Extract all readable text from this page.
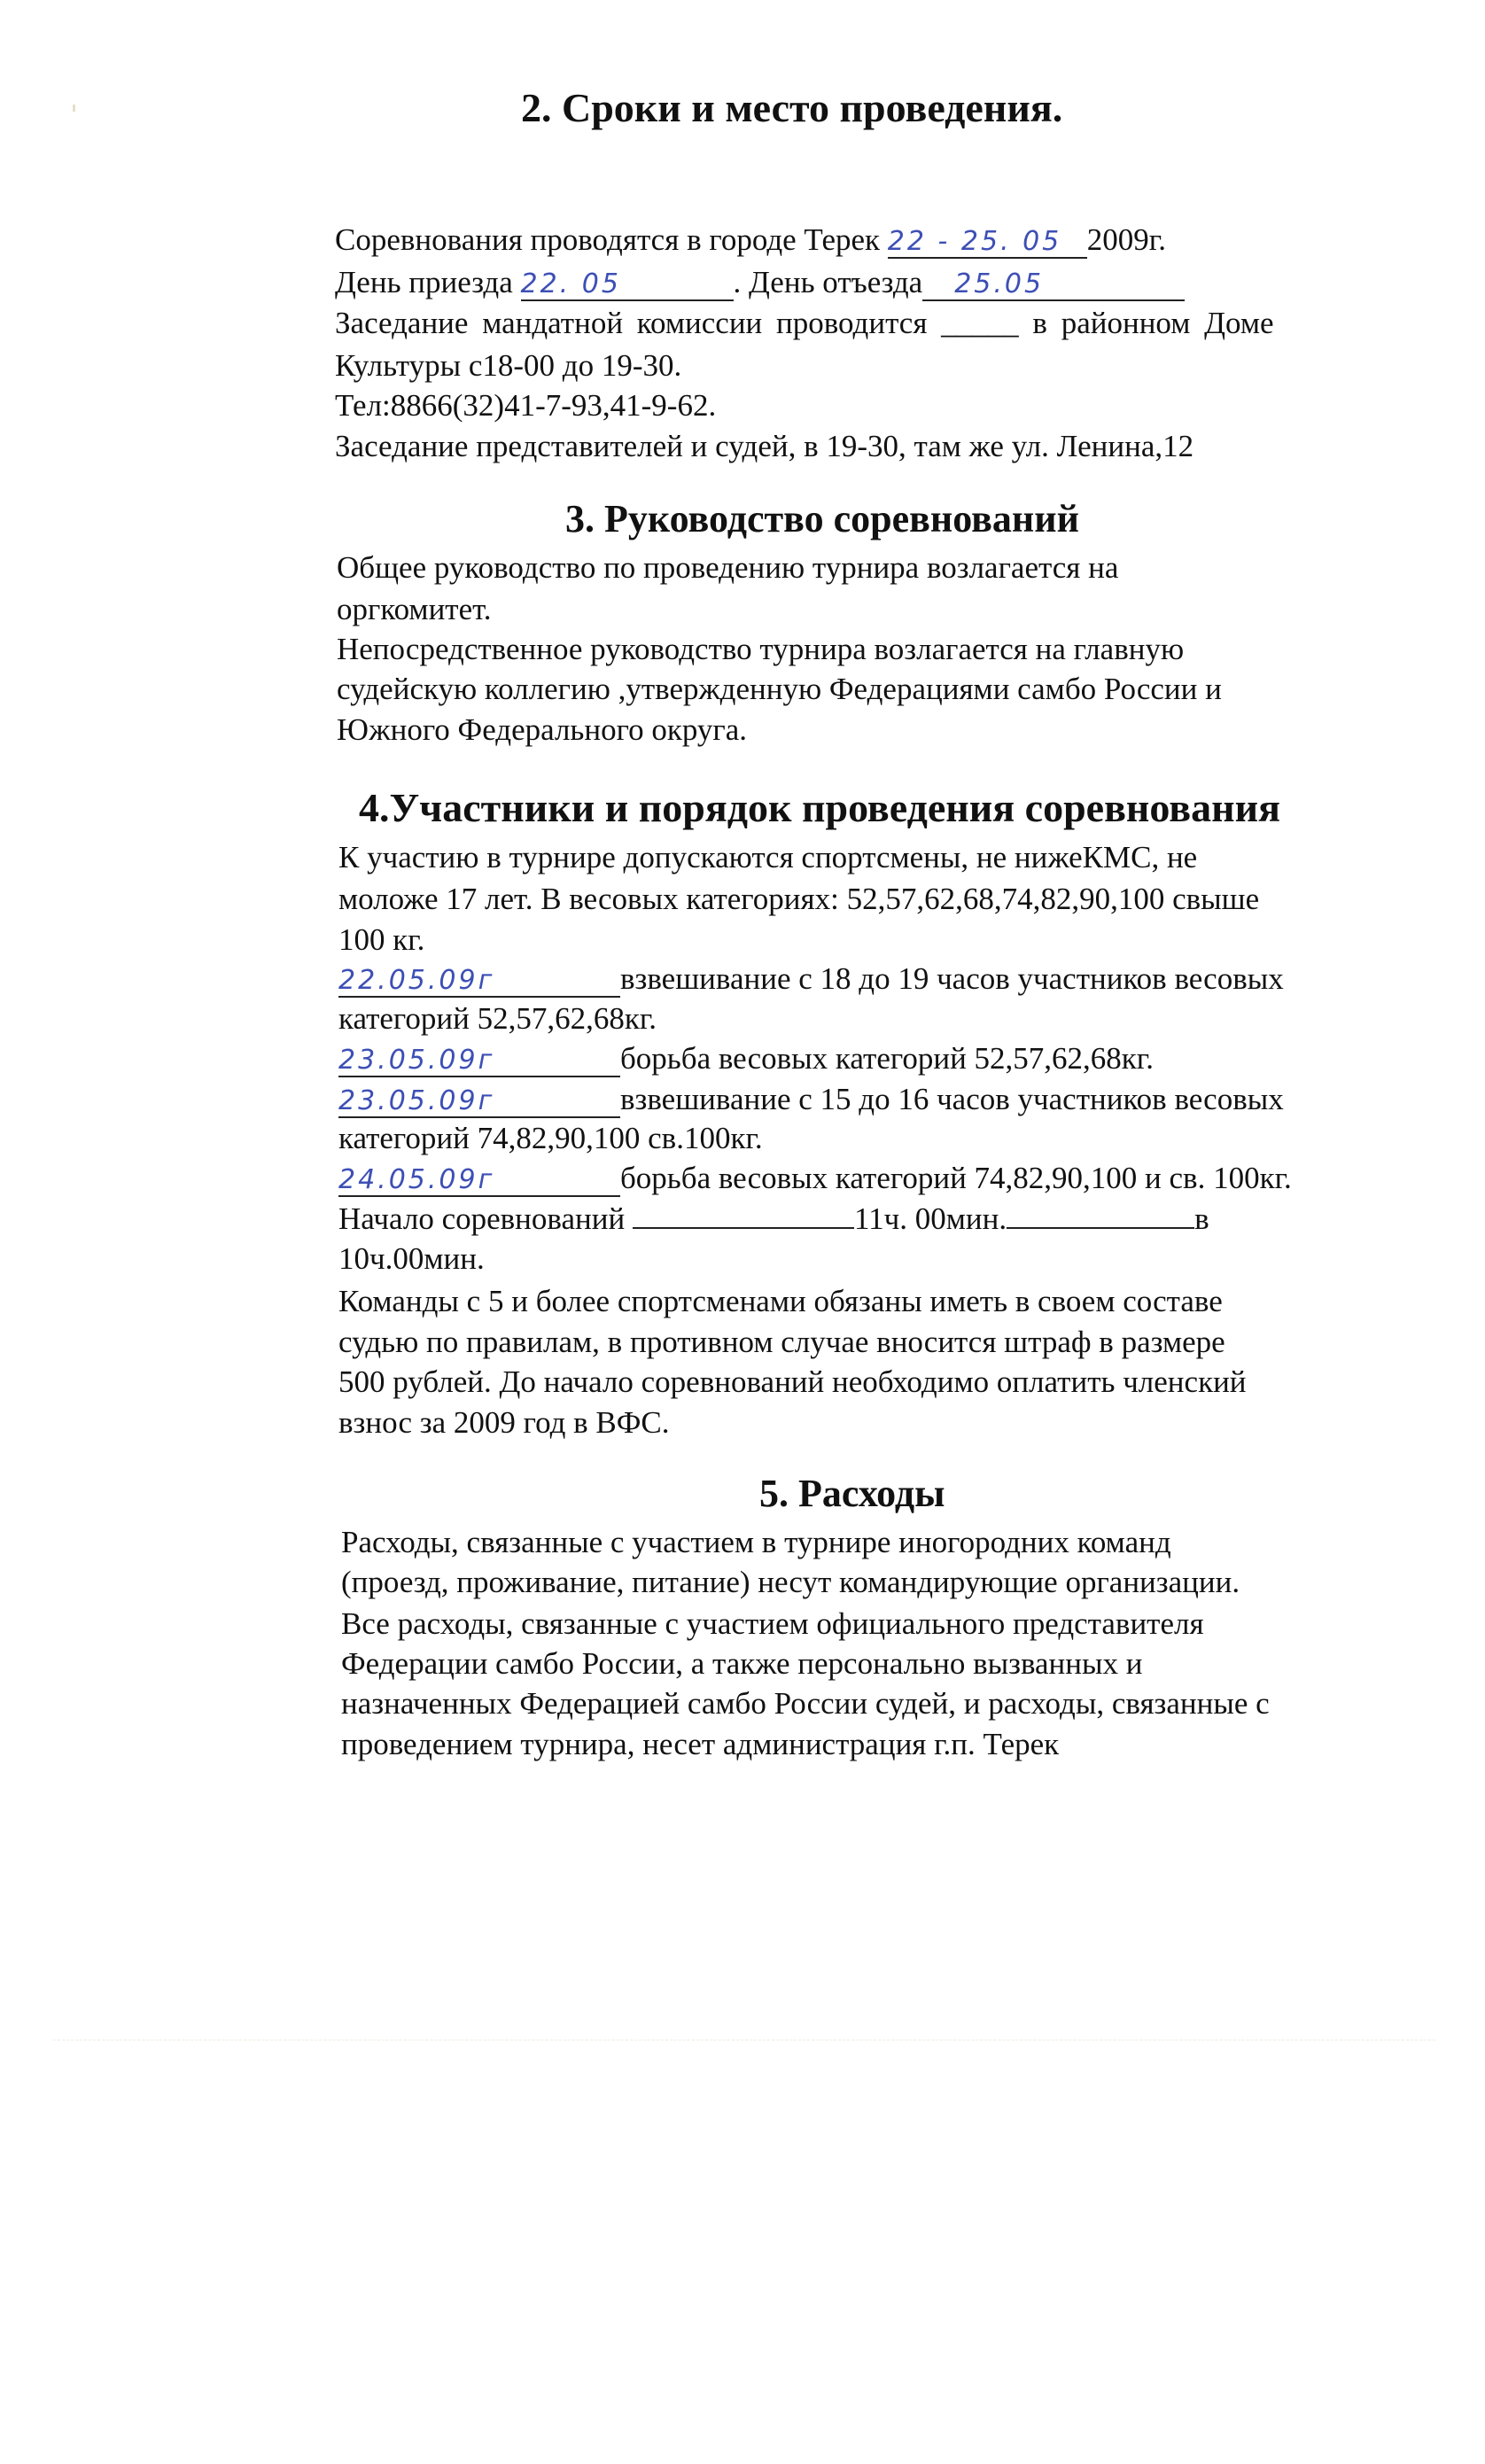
2. Сроки и место проведения.

Соревнования проводятся в городе Терек 22 - 25. 05 2009г.

День приезда 22. 05	. День отъезда 25.05

Заседание мандатной комиссии проводится _____ в районном Доме

Культуры с18-00 до 19-30.

Тел:8866(32)41-7-93,41-9-62.

Заседание представителей и судей, в 19-30, там же ул. Ленина,12

3. Руководство соревнований

Общее руководство по проведению турнира возлагается на

оргкомитет.

Непосредственное руководство турнира возлагается на главную

судейскую коллегию ,утвержденную Федерациями самбо России и

Южного Федерального округа.

4.Участники и порядок проведения соревнования

К участию в турнире допускаются спортсмены, не нижеКМС, не

моложе 17 лет. В весовых категориях: 52,57,62,68,74,82,90,100 свыше

100 кг.

22.05.09г	взвешивание с 18 до 19 часов участников весовых

категорий 52,57,62,68кг.

23.05.09г	борьба весовых категорий 52,57,62,68кг.

23.05.09г	взвешивание с 15 до 16 часов участников весовых

категорий 74,82,90,100 св.100кг.

24.05.09г	борьба весовых категорий 74,82,90,100 и св. 100кг.

Начало соревнований	11ч. 00мин.	в

10ч.00мин.

Команды с 5 и более спортсменами обязаны иметь в своем составе

судью по правилам, в противном случае вносится штраф в размере

500 рублей. До начало соревнований необходимо оплатить членский

взнос за 2009 год в ВФС.

5. Расходы

Расходы, связанные с участием в турнире иногородних команд

(проезд, проживание, питание) несут командирующие организации.

Все расходы, связанные с участием официального представителя

Федерации самбо России, а также персонально вызванных и

назначенных Федерацией самбо России судей, и расходы, связанные с

проведением турнира, несет администрация г.п. Терек
